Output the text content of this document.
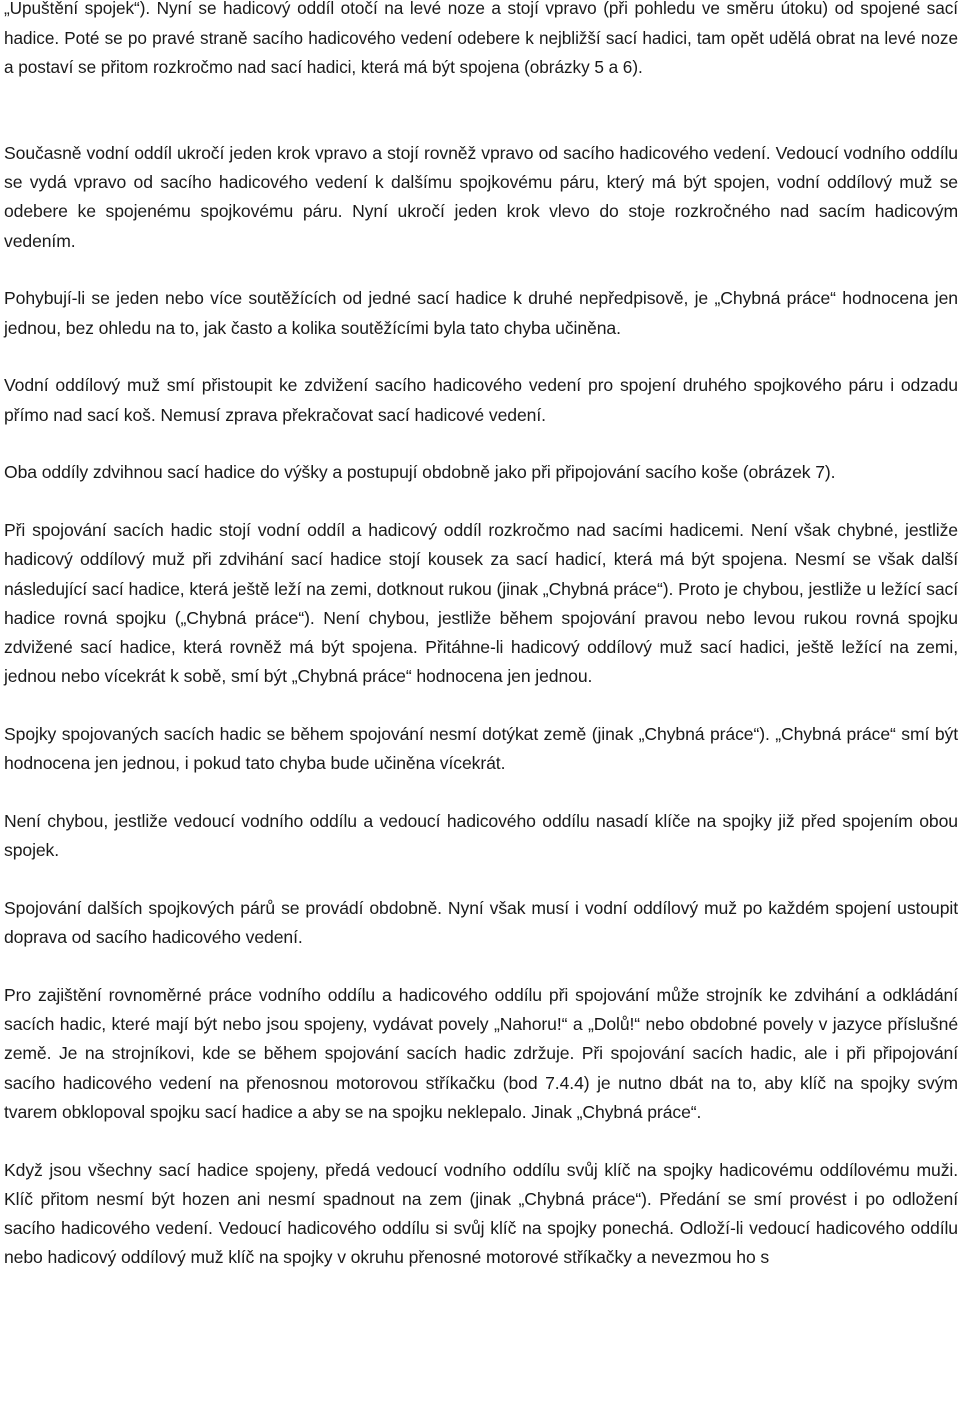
„Upuštění spojek“). Nyní se hadicový oddíl otočí na levé noze a stojí vpravo (při pohledu ve směru útoku) od spojené sací hadice. Poté se po pravé straně sacího hadicového vedení odebere k nejbližší sací hadici, tam opět udělá obrat na levé noze a postaví se přitom rozkročmo nad sací hadici, která má být spojena (obrázky 5 a 6).

Současně vodní oddíl ukročí jeden krok vpravo a stojí rovněž vpravo od sacího hadicového vedení. Vedoucí vodního oddílu se vydá vpravo od sacího hadicového vedení k dalšímu spojkovému páru, který má být spojen, vodní oddílový muž se odebere ke spojenému spojkovému páru. Nyní ukročí jeden krok vlevo do stoje rozkročného nad sacím hadicovým vedením.

Pohybují-li se jeden nebo více soutěžících od jedné sací hadice k druhé nepředpisově, je „Chybná práce“ hodnocena jen jednou, bez ohledu na to, jak často a kolika soutěžícími byla tato chyba učiněna.

Vodní oddílový muž smí přistoupit ke zdvižení sacího hadicového vedení pro spojení druhého spojkového páru i odzadu přímo nad sací koš. Nemusí zprava překračovat sací hadicové vedení.

Oba oddíly zdvihnou sací hadice do výšky a postupují obdobně jako při připojování sacího koše (obrázek 7).

Při spojování sacích hadic stojí vodní oddíl a hadicový oddíl rozkročmo nad sacími hadicemi. Není však chybné, jestliže hadicový oddílový muž při zdvihání sací hadice stojí kousek za sací hadicí, která má být spojena. Nesmí se však další následující sací hadice, která ještě leží na zemi, dotknout rukou (jinak „Chybná práce“). Proto je chybou, jestliže u ležící sací hadice rovná spojku („Chybná práce“). Není chybou, jestliže během spojování pravou nebo levou rukou rovná spojku zdvižené sací hadice, která rovněž má být spojena. Přitáhne-li hadicový oddílový muž sací hadici, ještě ležící na zemi, jednou nebo vícekrát k sobě, smí být „Chybná práce“ hodnocena jen jednou.

Spojky spojovaných sacích hadic se během spojování nesmí dotýkat země (jinak „Chybná práce“). „Chybná práce“ smí být hodnocena jen jednou, i pokud tato chyba bude učiněna vícekrát.

Není chybou, jestliže vedoucí vodního oddílu a vedoucí hadicového oddílu nasadí klíče na spojky již před spojením obou spojek.

Spojování dalších spojkových párů se provádí obdobně. Nyní však musí i vodní oddílový muž po každém spojení ustoupit doprava od sacího hadicového vedení.

Pro zajištění rovnoměrné práce vodního oddílu a hadicového oddílu při spojování může strojník ke zdvihání a odkládání sacích hadic, které mají být nebo jsou spojeny, vydávat povely „Nahoru!“ a „Dolů!“ nebo obdobné povely v jazyce příslušné země. Je na strojníkovi, kde se během spojování sacích hadic zdržuje. Při spojování sacích hadic, ale i při připojování sacího hadicového vedení na přenosnou motorovou stříkačku (bod 7.4.4) je nutno dbát na to, aby klíč na spojky svým tvarem obklopoval spojku sací hadice a aby se na spojku neklepalo. Jinak „Chybná práce“.

Když jsou všechny sací hadice spojeny, předá vedoucí vodního oddílu svůj klíč na spojky hadicovému oddílovému muži. Klíč přitom nesmí být hozen ani nesmí spadnout na zem (jinak „Chybná práce“). Předání se smí provést i po odložení sacího hadicového vedení. Vedoucí hadicového oddílu si svůj klíč na spojky ponechá. Odloží-li vedoucí hadicového oddílu nebo hadicový oddílový muž klíč na spojky v okruhu přenosné motorové stříkačky a nevezmou ho s
